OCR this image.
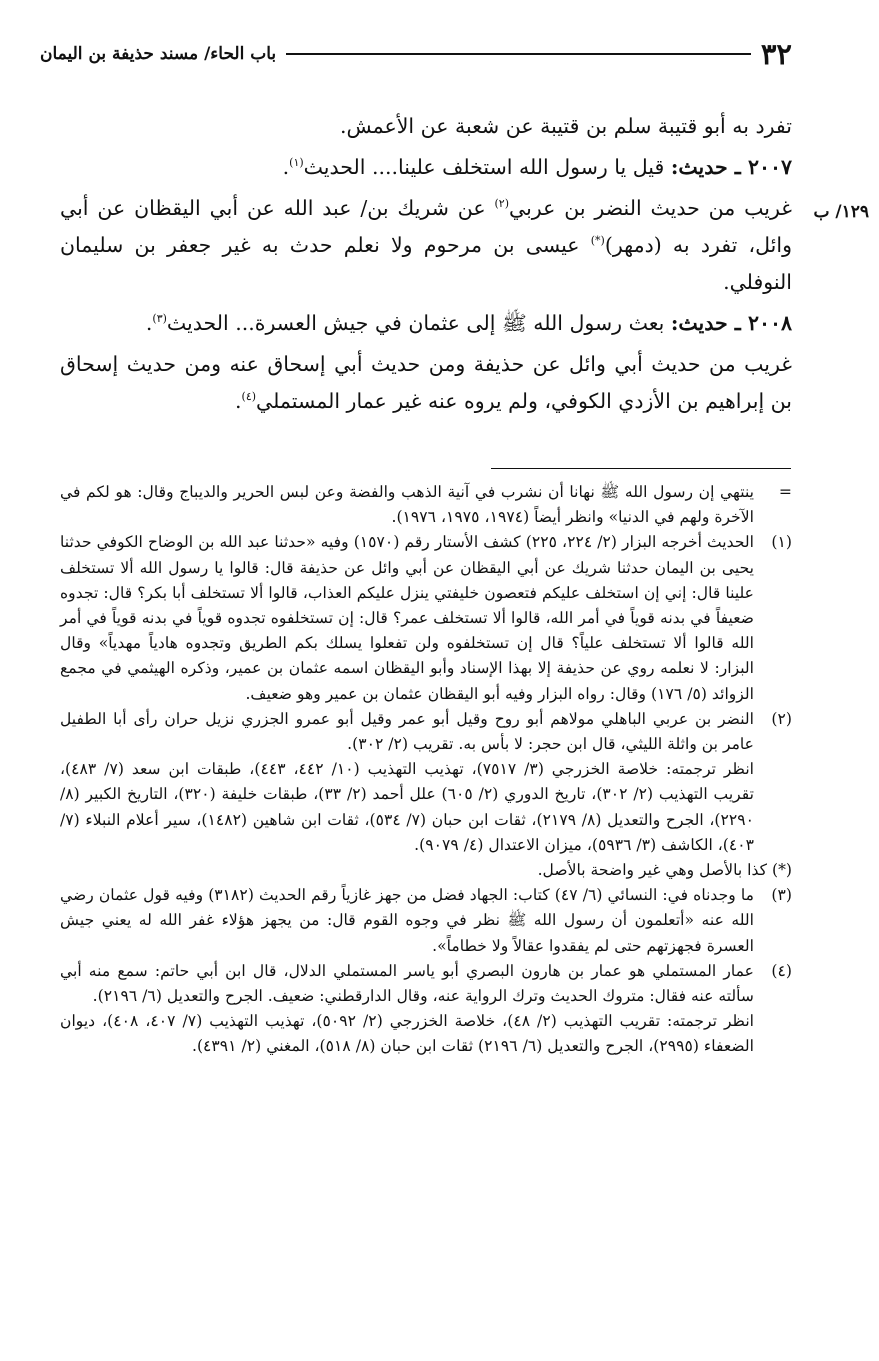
٣٢
باب الحاء/ مسند حذيفة بن اليمان
١٢٩/ ب

تفرد به أبو قتيبة سلم بن قتيبة عن شعبة عن الأعمش.

٢٠٠٧ ـ حديث: قيل يا رسول الله استخلف علينا.... الحديث$^{(١)}$.

غريب من حديث النضر بن عربي$^{(٢)}$ عن شريك بن/ عبد الله عن أبي اليقظان عن أبي وائل، تفرد به (دمهر)(*) عيسى بن مرحوم ولا نعلم حدث به غير جعفر بن سليمان النوفلي.

٢٠٠٨ ـ حديث: بعث رسول الله ﷺ إلى عثمان في جيش العسرة... الحديث$^{(٣)}$.

غريب من حديث أبي وائل عن حذيفة ومن حديث أبي إسحاق عنه ومن حديث إسحاق بن إبراهيم بن الأزدي الكوفي، ولم يروه عنه غير عمار المستملي$^{(٤)}$.

=

ينتهي إن رسول الله ﷺ نهانا أن نشرب في آنية الذهب والفضة وعن لبس الحرير والديباج وقال: هو لكم في الآخرة ولهم في الدنيا» وانظر أيضاً (١٩٧٤، ١٩٧٥، ١٩٧٦).

(١)

الحديث أخرجه البزار (٢/ ٢٢٤، ٢٢٥) كشف الأستار رقم (١٥٧٠) وفيه «حدثنا عبد الله بن الوضاح الكوفي حدثنا يحيى بن اليمان حدثنا شريك عن أبي اليقظان عن أبي وائل عن حذيفة قال: قالوا يا رسول الله ألا تستخلف علينا قال: إني إن استخلف عليكم فتعصون خليفتي ينزل عليكم العذاب، قالوا ألا تستخلف أبا بكر؟ قال: تجدوه ضعيفاً في بدنه قوياً في أمر الله، قالوا ألا تستخلف عمر؟ قال: إن تستخلفوه تجدوه قوياً في بدنه قوياً في أمر الله قالوا ألا تستخلف علياً؟ قال إن تستخلفوه ولن تفعلوا يسلك بكم الطريق وتجدوه هادياً مهدياً» وقال البزار: لا نعلمه روي عن حذيفة إلا بهذا الإسناد وأبو اليقظان اسمه عثمان بن عمير، وذكره الهيثمي في مجمع الزوائد (٥/ ١٧٦) وقال: رواه البزار وفيه أبو اليقظان عثمان بن عمير وهو ضعيف.

(٢)

النضر بن عربي الباهلي مولاهم أبو روح وقيل أبو عمر وقيل أبو عمرو الجزري نزيل حران رأى أبا الطفيل عامر بن واثلة الليثي، قال ابن حجر: لا بأس به. تقريب (٢/ ٣٠٢).

انظر ترجمته: خلاصة الخزرجي (٣/ ٧٥١٧)، تهذيب التهذيب (١٠/ ٤٤٢، ٤٤٣)، طبقات ابن سعد (٧/ ٤٨٣)، تقريب التهذيب (٢/ ٣٠٢)، تاريخ الدوري (٢/ ٦٠٥) علل أحمد (٢/ ٣٣)، طبقات خليفة (٣٢٠)، التاريخ الكبير (٨/ ٢٢٩٠)، الجرح والتعديل (٨/ ٢١٧٩)، ثقات ابن حبان (٧/ ٥٣٤)، ثقات ابن شاهين (١٤٨٢)، سير أعلام النبلاء (٧/ ٤٠٣)، الكاشف (٣/ ٥٩٣٦)، ميزان الاعتدال (٤/ ٩٠٧٩).

(*) كذا بالأصل وهي غير واضحة بالأصل.

(٣)

ما وجدناه في: النسائي (٦/ ٤٧) كتاب: الجهاد فضل من جهز غازياً رقم الحديث (٣١٨٢) وفيه قول عثمان رضي الله عنه «أتعلمون أن رسول الله ﷺ نظر في وجوه القوم قال: من يجهز هؤلاء غفر الله له يعني جيش العسرة فجهزتهم حتى لم يفقدوا عقالاً ولا خطاماً».

(٤)

عمار المستملي هو عمار بن هارون البصري أبو ياسر المستملي الدلال، قال ابن أبي حاتم: سمع منه أبي سألته عنه فقال: متروك الحديث وترك الرواية عنه، وقال الدارقطني: ضعيف. الجرح والتعديل (٦/ ٢١٩٦).

انظر ترجمته: تقريب التهذيب (٢/ ٤٨)، خلاصة الخزرجي (٢/ ٥٠٩٢)، تهذيب التهذيب (٧/ ٤٠٧، ٤٠٨)، ديوان الضعفاء (٢٩٩٥)، الجرح والتعديل (٦/ ٢١٩٦) ثقات ابن حبان (٨/ ٥١٨)، المغني (٢/ ٤٣٩١).
